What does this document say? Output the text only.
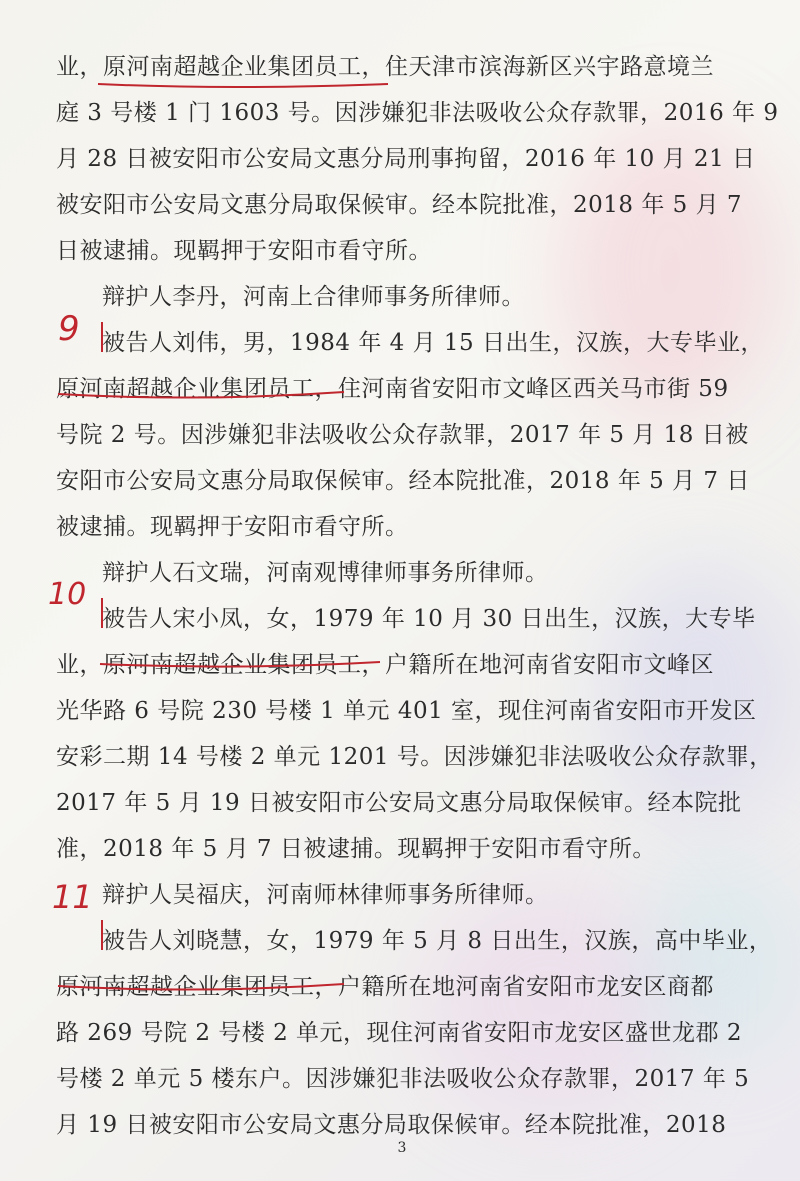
业，原河南超越企业集团员工，住天津市滨海新区兴宇路意境兰
庭 3 号楼 1 门 1603 号。因涉嫌犯非法吸收公众存款罪，2016 年 9
月 28 日被安阳市公安局文惠分局刑事拘留，2016 年 10 月 21 日
被安阳市公安局文惠分局取保候审。经本院批准，2018 年 5 月 7
日被逮捕。现羁押于安阳市看守所。
辩护人李丹，河南上合律师事务所律师。
9 被告人刘伟，男，1984 年 4 月 15 日出生，汉族，大专毕业，
原河南超越企业集团员工，住河南省安阳市文峰区西关马市街 59
号院 2 号。因涉嫌犯非法吸收公众存款罪，2017 年 5 月 18 日被
安阳市公安局文惠分局取保候审。经本院批准，2018 年 5 月 7 日
被逮捕。现羁押于安阳市看守所。
辩护人石文瑞，河南观博律师事务所律师。
10
被告人宋小凤，女，1979 年 10 月 30 日出生，汉族，大专毕
业，原河南超越企业集团员工，户籍所在地河南省安阳市文峰区
光华路 6 号院 230 号楼 1 单元 401 室，现住河南省安阳市开发区
安彩二期 14 号楼 2 单元 1201 号。因涉嫌犯非法吸收公众存款罪，
2017 年 5 月 19 日被安阳市公安局文惠分局取保候审。经本院批
准，2018 年 5 月 7 日被逮捕。现羁押于安阳市看守所。
辩护人吴福庆，河南师林律师事务所律师。
11
被告人刘晓慧，女，1979 年 5 月 8 日出生，汉族，高中毕业，
原河南超越企业集团员工，户籍所在地河南省安阳市龙安区商都
路 269 号院 2 号楼 2 单元，现住河南省安阳市龙安区盛世龙郡 2
号楼 2 单元 5 楼东户。因涉嫌犯非法吸收公众存款罪，2017 年 5
月 19 日被安阳市公安局文惠分局取保候审。经本院批准，2018
3
